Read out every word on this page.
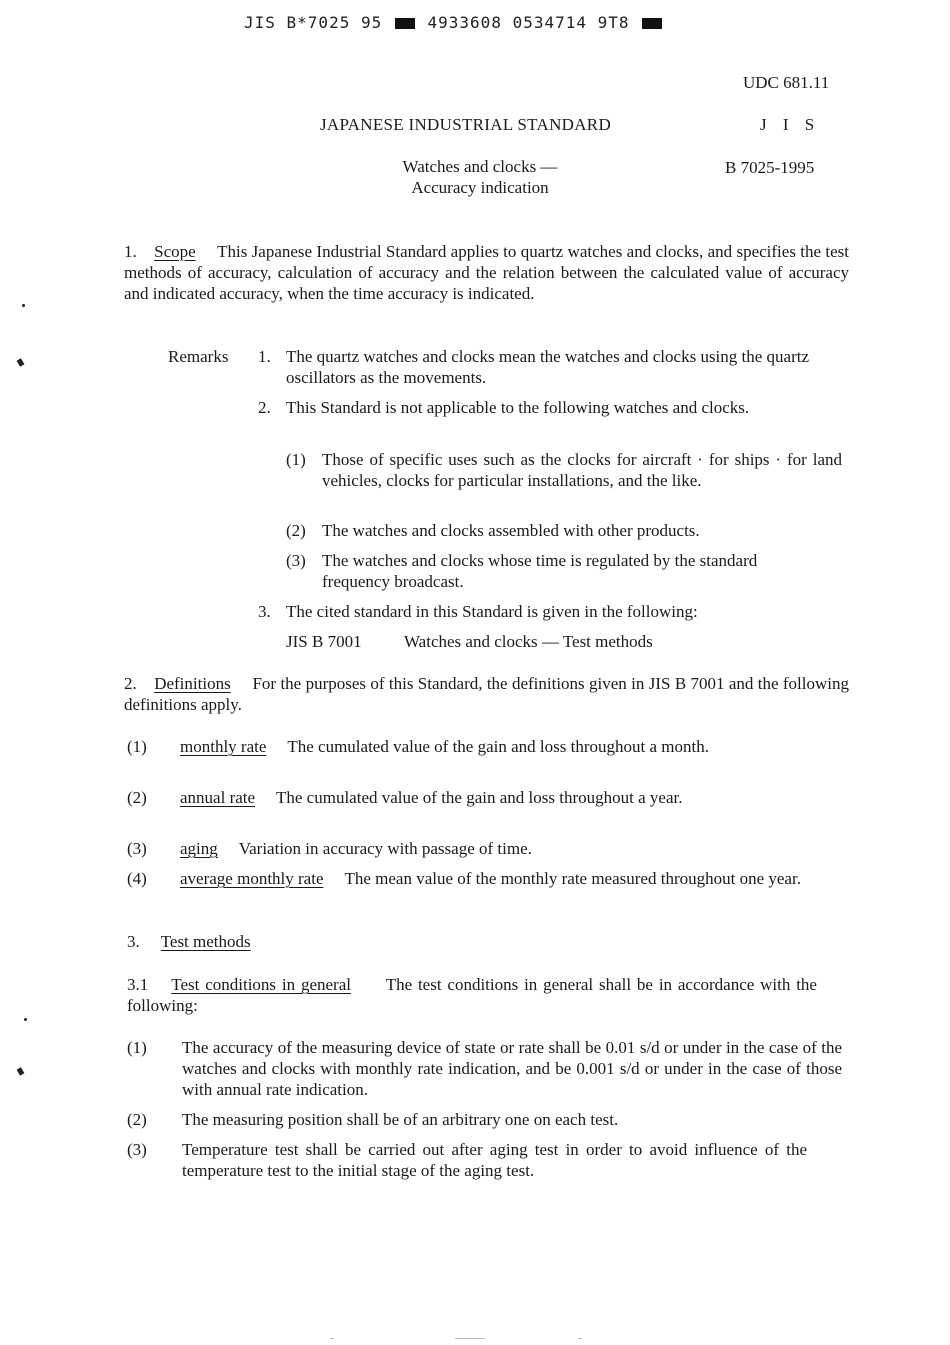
JIS B*7025 95	4933608 0534714 9T8
UDC 681.11
JAPANESE INDUSTRIAL STANDARD	J I S
Watches and clocks —
Accuracy indication
B 7025-1995
1. Scope This Japanese Industrial Standard applies to quartz watches and clocks, and specifies the test methods of accuracy, calculation of accuracy and the relation between the calculated value of accuracy and indicated accuracy, when the time accuracy is indicated.
Remarks 1. The quartz watches and clocks mean the watches and clocks using the quartz oscillators as the movements.
2. This Standard is not applicable to the following watches and clocks.
(1) Those of specific uses such as the clocks for aircraft · for ships · for land vehicles, clocks for particular installations, and the like.
(2) The watches and clocks assembled with other products.
(3) The watches and clocks whose time is regulated by the standard frequency broadcast.
3. The cited standard in this Standard is given in the following:
JIS B 7001 Watches and clocks — Test methods
2. Definitions For the purposes of this Standard, the definitions given in JIS B 7001 and the following definitions apply.
(1) monthly rate The cumulated value of the gain and loss throughout a month.
(2) annual rate The cumulated value of the gain and loss throughout a year.
(3) aging Variation in accuracy with passage of time.
(4) average monthly rate The mean value of the monthly rate measured throughout one year.
3. Test methods
3.1 Test conditions in general The test conditions in general shall be in accordance with the following:
(1) The accuracy of the measuring device of state or rate shall be 0.01 s/d or under in the case of the watches and clocks with monthly rate indication, and be 0.001 s/d or under in the case of those with annual rate indication.
(2) The measuring position shall be of an arbitrary one on each test.
(3) Temperature test shall be carried out after aging test in order to avoid influence of the temperature test to the initial stage of the aging test.
